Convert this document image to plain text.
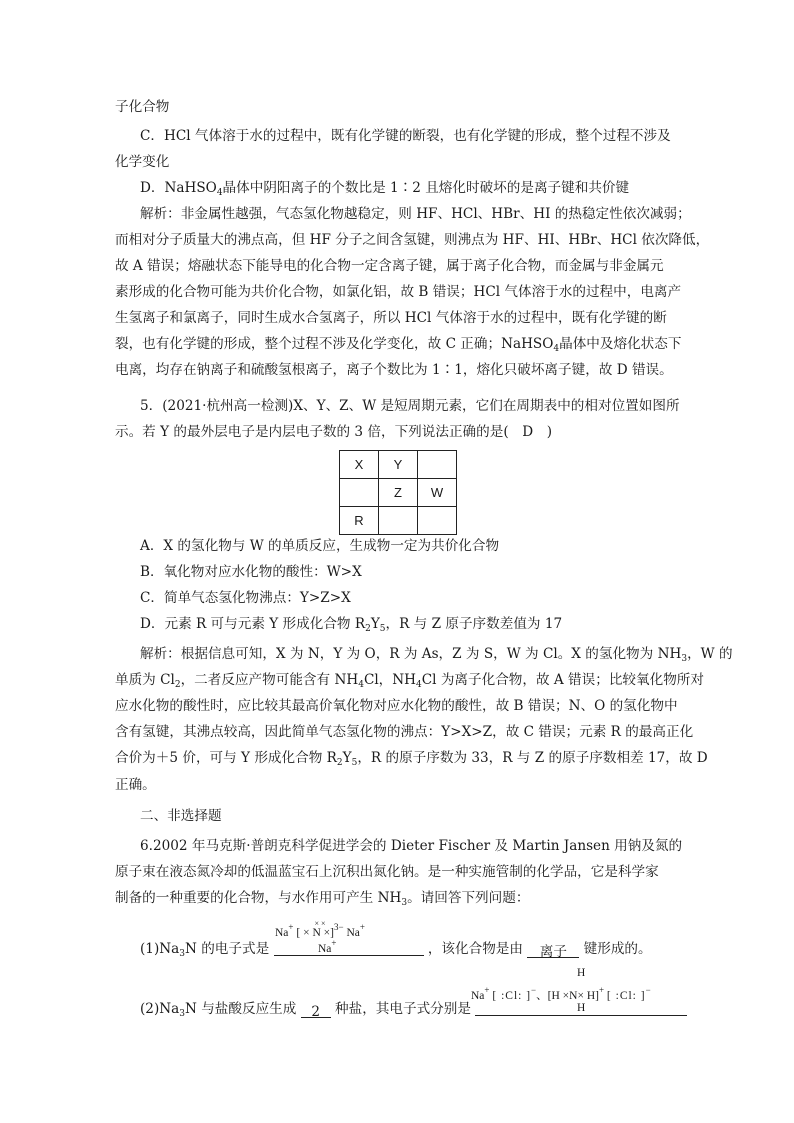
子化合物
C．HCl 气体溶于水的过程中，既有化学键的断裂，也有化学键的形成，整个过程不涉及
化学变化
D．NaHSO$_4$晶体中阴阳离子的个数比是 1∶2 且熔化时破坏的是离子键和共价键
解析：非金属性越强，气态氢化物越稳定，则 HF、HCl、HBr、HI 的热稳定性依次减弱；
而相对分子质量大的沸点高，但 HF 分子之间含氢键，则沸点为 HF、HI、HBr、HCl 依次降低，
故 A 错误；熔融状态下能导电的化合物一定含离子键，属于离子化合物，而金属与非金属元
素形成的化合物可能为共价化合物，如氯化铝，故 B 错误；HCl 气体溶于水的过程中，电离产
生氢离子和氯离子，同时生成水合氢离子，所以 HCl 气体溶于水的过程中，既有化学键的断
裂，也有化学键的形成，整个过程不涉及化学变化，故 C 正确；NaHSO$_4$晶体中及熔化状态下
电离，均存在钠离子和硫酸氢根离子，离子个数比为 1∶1，熔化只破坏离子键，故 D 错误。
5．(2021·杭州高一检测)X、Y、Z、W 是短周期元素，它们在周期表中的相对位置如图所
示。若 Y 的最外层电子是内层电子数的 3 倍，下列说法正确的是(　D　)
X	Y	
	Z	W
R		
A．X 的氢化物与 W 的单质反应，生成物一定为共价化合物
B．氧化物对应水化物的酸性：W>X
C．简单气态氢化物沸点：Y>Z>X
D．元素 R 可与元素 Y 形成化合物 $R_2Y_5$，R 与 Z 原子序数差值为 17
解析：根据信息可知，X 为 N，Y 为 O，R 为 As，Z 为 S，W 为 Cl。X 的氢化物为 $NH_3$，W 的
单质为 $Cl_2$，二者反应产物可能含有 $NH_4Cl$，$NH_4Cl$ 为离子化合物，故 A 错误；比较氧化物所对
应水化物的酸性时，应比较其最高价氧化物对应水化物的酸性，故 B 错误；N、O 的氢化物中
含有氢键，其沸点较高，因此简单气态氢化物的沸点：Y>X>Z，故 C 错误；元素 R 的最高正化
合价为＋5 价，可与 Y 形成化合物 $R_2Y_5$，R 的原子序数为 33，R 与 Z 的原子序数相差 17，故 D
正确。
二、非选择题
6.2002 年马克斯·普朗克科学促进学会的 Dieter Fischer 及 Martin Jansen 用钠及氮的
原子束在液态氮冷却的低温蓝宝石上沉积出氮化钠。是一种实施管制的化学品，它是科学家
制备的一种重要的化合物，与水作用可产生 $NH_3$。请回答下列问题：
Na+ [ ×
× ×
N ×]$^{3-}$ Na+
Na+
$(1)Na_3N$ 的电子式是	，该化合物是由 离子 键形成的。
H
Na+ [ :Cl: ]−、[H ×N× H]+ [ :Cl: ]−
H
$(2)Na_3N$ 与盐酸反应生成 2 种盐，其电子式分别是
